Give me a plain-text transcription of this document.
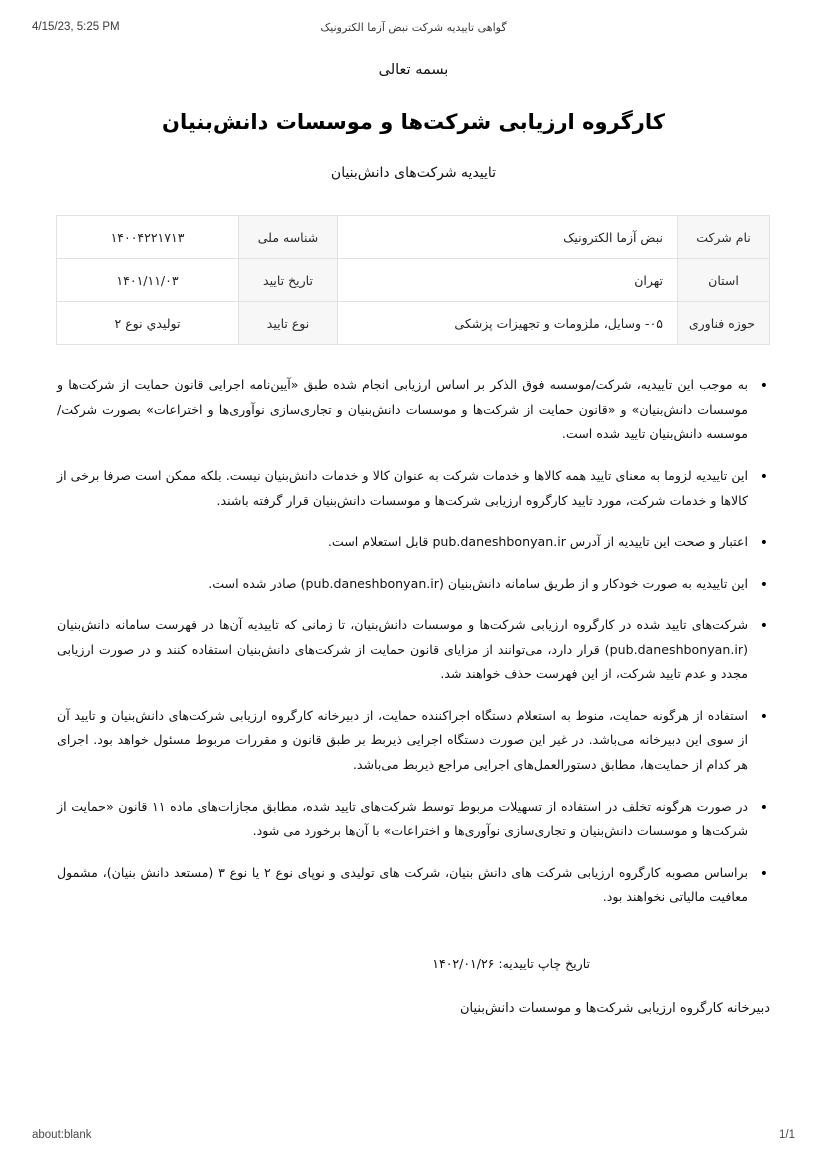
4/15/23, 5:25 PM	گواهی تاییدیه شرکت نبض آزما الکترونیک

بسمه تعالی

کارگروه ارزیابی شرکت‌ها و موسسات دانش‌بنیان

تاییدیه شرکت‌های دانش‌بنیان

نام شرکت	نبض آزما الکترونیک	شناسه ملی	۱۴۰۰۴۲۲۱۷۱۳
استان	تهران	تاریخ تایید	۱۴۰۱/۱۱/۰۳
حوزه فناوری	۰۵- وسایل، ملزومات و تجهیزات پزشکی	نوع تایید	تولیدي نوع ۲
• به موجب این تاییدیه، شرکت/موسسه فوق الذکر بر اساس ارزیابی انجام شده طبق «آیین‌نامه اجرایی قانون حمایت از شرکت‌ها و موسسات دانش‌بنیان» و «قانون حمایت از شرکت‌ها و موسسات دانش‌بنیان و تجاری‌سازی نوآوری‌ها و اختراعات» بصورت شرکت/موسسه دانش‌بنیان تایید شده است.
• این تاییدیه لزوما به معنای تایید همه کالاها و خدمات شرکت به عنوان کالا و خدمات دانش‌بنیان نیست. بلکه ممکن است صرفا برخی از کالاها و خدمات شرکت، مورد تایید کارگروه ارزیابی شرکت‌ها و موسسات دانش‌بنیان قرار گرفته باشند.
• اعتبار و صحت این تاییدیه از آدرس pub.daneshbonyan.ir قابل استعلام است.
• این تاییدیه به صورت خودکار و از طریق سامانه دانش‌بنیان (pub.daneshbonyan.ir) صادر شده است.
• شرکت‌های تایید شده در کارگروه ارزیابی شرکت‌ها و موسسات دانش‌بنیان، تا زمانی که تاییدیه آن‌ها در فهرست سامانه دانش‌بنیان (pub.daneshbonyan.ir) قرار دارد، می‌توانند از مزایای قانون حمایت از شرکت‌های دانش‌بنیان استفاده کنند و در صورت ارزیابی مجدد و عدم تایید شرکت، از این فهرست حذف خواهند شد.
• استفاده از هرگونه حمایت، منوط به استعلام دستگاه اجراکننده حمایت، از دبیرخانه کارگروه ارزیابی شرکت‌های دانش‌بنیان و تایید آن از سوی این دبیرخانه می‌باشد. در غیر این صورت دستگاه اجرایی ذیربط بر طبق قانون و مقررات مربوط مسئول خواهد بود. اجرای هر کدام از حمایت‌ها، مطابق دستورالعمل‌های اجرایی مراجع ذیربط می‌باشد.
• در صورت هرگونه تخلف در استفاده از تسهیلات مربوط توسط شرکت‌های تایید شده، مطابق مجازات‌های ماده ۱۱ قانون «حمایت از شرکت‌ها و موسسات دانش‌بنیان و تجاری‌سازی نوآوری‌ها و اختراعات» با آن‌ها برخورد می شود.
• براساس مصوبه کارگروه ارزیابی شرکت های دانش بنیان، شرکت های تولیدی و نوپای نوع ۲ یا نوع ۳ (مستعد دانش بنیان)، مشمول معافیت مالیاتی نخواهند بود.

تاریخ چاپ تاییدیه: ۱۴۰۲/۰۱/۲۶

دبیرخانه کارگروه ارزیابی شرکت‌ها و موسسات دانش‌بنیان

about:blank	1/1
